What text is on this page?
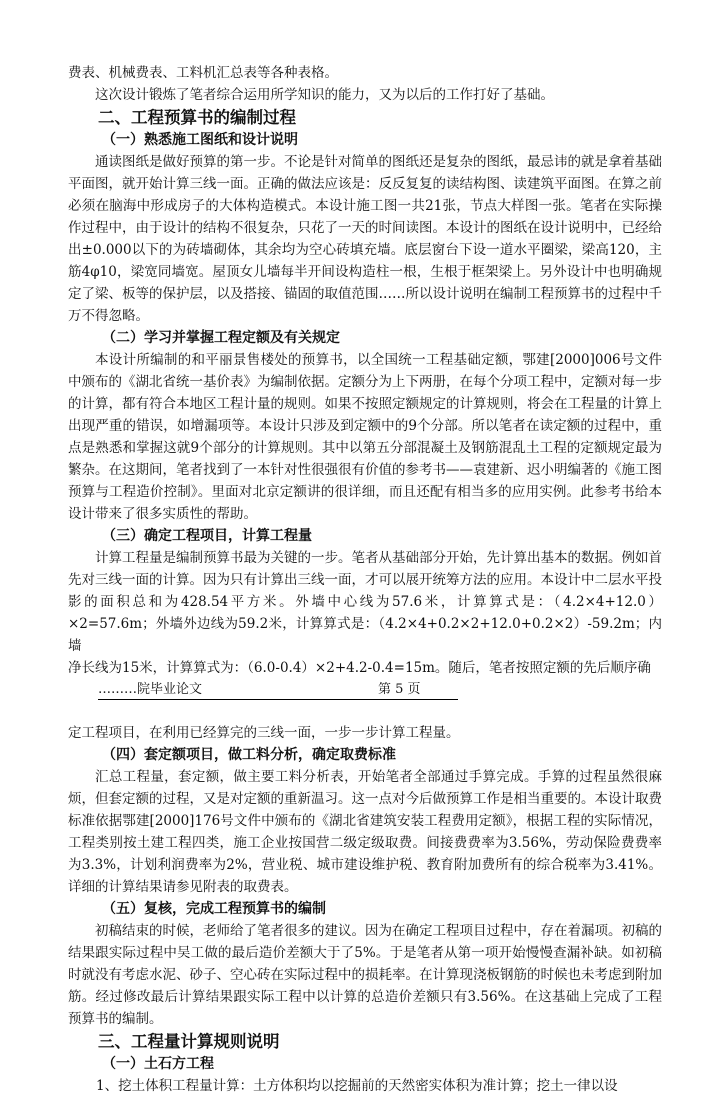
费表、机械费表、工料机汇总表等各种表格。

这次设计锻炼了笔者综合运用所学知识的能力，又为以后的工作打好了基础。

二、工程预算书的编制过程
（一）熟悉施工图纸和设计说明

通读图纸是做好预算的第一步。不论是针对简单的图纸还是复杂的图纸，最忌讳的就是拿着基础平面图，就开始计算三线一面。正确的做法应该是：反反复复的读结构图、读建筑平面图。在算之前必须在脑海中形成房子的大体构造模式。本设计施工图一共21张，节点大样图一张。笔者在实际操作过程中，由于设计的结构不很复杂，只花了一天的时间读图。本设计的图纸在设计说明中，已经给出±0.000以下的为砖墙砌体，其余均为空心砖填充墙。底层窗台下设一道水平圈梁，梁高120，主筋4φ10，梁宽同墙宽。屋顶女儿墙每半开间设构造柱一根，生根于框架梁上。另外设计中也明确规定了梁、板等的保护层，以及搭接、锚固的取值范围……所以设计说明在编制工程预算书的过程中千万不得忽略。

（二）学习并掌握工程定额及有关规定

本设计所编制的和平丽景售楼处的预算书，以全国统一工程基础定额，鄂建[2000]006号文件中颁布的《湖北省统一基价表》为编制依据。定额分为上下两册，在每个分项工程中，定额对每一步的计算，都有符合本地区工程计量的规则。如果不按照定额规定的计算规则，将会在工程量的计算上出现严重的错误，如增漏项等。本设计只涉及到定额中的9个分部。所以笔者在读定额的过程中，重点是熟悉和掌握这就9个部分的计算规则。其中以第五分部混凝土及钢筋混乱土工程的定额规定最为繁杂。在这期间，笔者找到了一本针对性很强很有价值的参考书——袁建新、迟小明编著的《施工图预算与工程造价控制》。里面对北京定额讲的很详细，而且还配有相当多的应用实例。此参考书给本设计带来了很多实质性的帮助。

（三）确定工程项目，计算工程量

计算工程量是编制预算书最为关键的一步。笔者从基础部分开始，先计算出基本的数据。例如首先对三线一面的计算。因为只有计算出三线一面，才可以展开统筹方法的应用。本设计中二层水平投影的面积总和为428.54平方米。外墙中心线为57.6米，计算算式是：（4.2×4+12.0）×2=57.6m；外墙外边线为59.2米，计算算式是：（4.2×4+0.2×2+12.0+0.2×2）-59.2m；内墙

净长线为15米，计算算式为：（6.0-0.4）×2+4.2-0.4=15m。随后，笔者按照定额的先后顺序确

………院毕业论文	第 5 页

定工程项目，在利用已经算完的三线一面，一步一步计算工程量。

（四）套定额项目，做工料分析，确定取费标准

汇总工程量，套定额，做主要工料分析表，开始笔者全部通过手算完成。手算的过程虽然很麻烦，但套定额的过程，又是对定额的重新温习。这一点对今后做预算工作是相当重要的。本设计取费标准依据鄂建[2000]176号文件中颁布的《湖北省建筑安装工程费用定额》，根据工程的实际情况，工程类别按土建工程四类，施工企业按国营二级定级取费。间接费费率为3.56%，劳动保险费费率为3.3%，计划利润费率为2%，营业税、城市建设维护税、教育附加费所有的综合税率为3.41%。详细的计算结果请参见附表的取费表。

（五）复核，完成工程预算书的编制

初稿结束的时候，老师给了笔者很多的建议。因为在确定工程项目过程中，存在着漏项。初稿的结果跟实际过程中吴工做的最后造价差额大于了5%。于是笔者从第一项开始慢慢查漏补缺。如初稿时就没有考虑水泥、砂子、空心砖在实际过程中的损耗率。在计算现浇板钢筋的时候也未考虑到附加筋。经过修改最后计算结果跟实际工程中以计算的总造价差额只有3.56%。在这基础上完成了工程预算书的编制。

三、工程量计算规则说明
（一）土石方工程

1、挖土体积工程量计算：土方体积均以挖掘前的天然密实体积为准计算；挖土一律以设
